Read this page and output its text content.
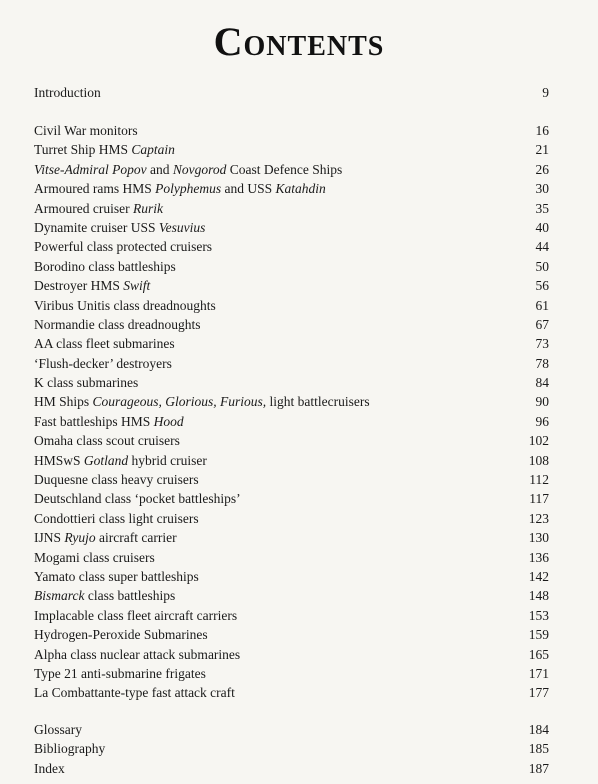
Contents
Introduction	9
Civil War monitors	16
Turret Ship HMS Captain	21
Vitse-Admiral Popov and Novgorod Coast Defence Ships	26
Armoured rams HMS Polyphemus and USS Katahdin	30
Armoured cruiser Rurik	35
Dynamite cruiser USS Vesuvius	40
Powerful class protected cruisers	44
Borodino class battleships	50
Destroyer HMS Swift	56
Viribus Unitis class dreadnoughts	61
Normandie class dreadnoughts	67
AA class fleet submarines	73
‘Flush-decker’ destroyers	78
K class submarines	84
HM Ships Courageous, Glorious, Furious, light battlecruisers	90
Fast battleships HMS Hood	96
Omaha class scout cruisers	102
HMSwS Gotland hybrid cruiser	108
Duquesne class heavy cruisers	112
Deutschland class ‘pocket battleships’	117
Condottieri class light cruisers	123
IJNS Ryujo aircraft carrier	130
Mogami class cruisers	136
Yamato class super battleships	142
Bismarck class battleships	148
Implacable class fleet aircraft carriers	153
Hydrogen-Peroxide Submarines	159
Alpha class nuclear attack submarines	165
Type 21 anti-submarine frigates	171
La Combattante-type fast attack craft	177
Glossary	184
Bibliography	185
Index	187
